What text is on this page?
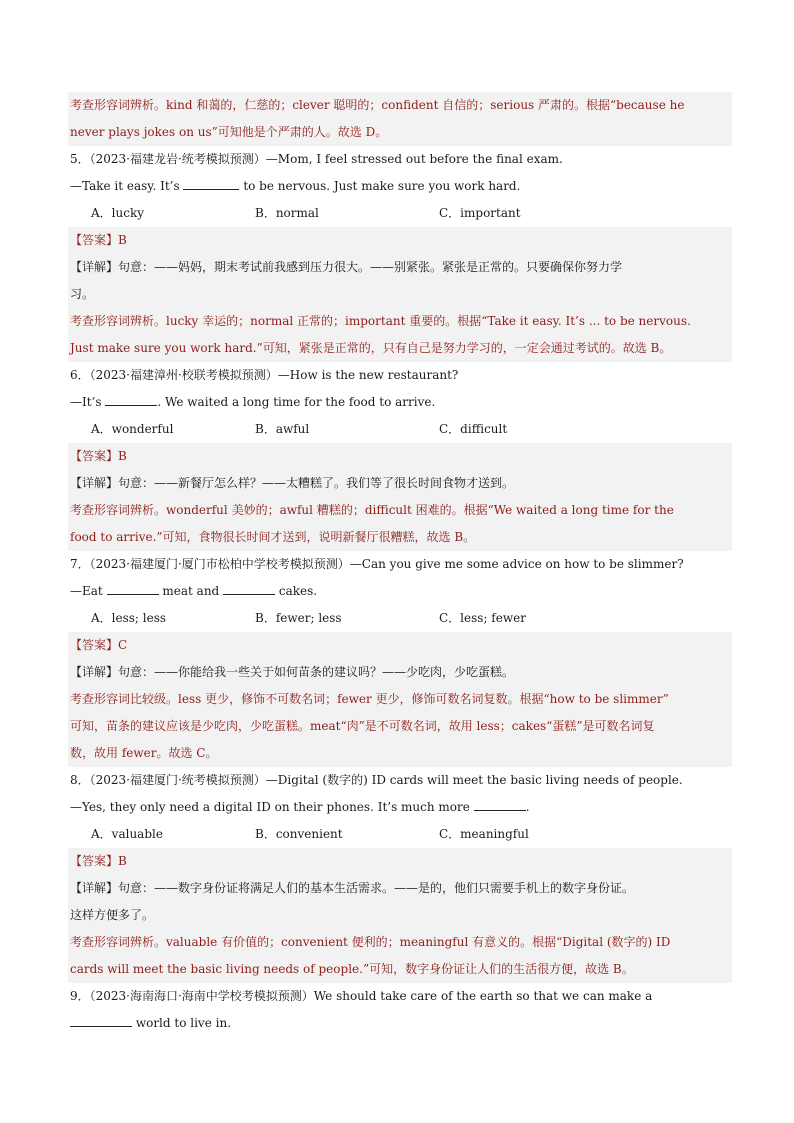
考查形容词辨析。kind 和蔼的，仁慈的；clever 聪明的；confident 自信的；serious 严肃的。根据“because he
never plays jokes on us”可知他是个严肃的人。故选 D。
5．（2023·福建龙岩·统考模拟预测）—Mom, I feel stressed out before the final exam.
—Take it easy. It’s	to be nervous. Just make sure you work hard.
A．lucky	B．normal	C．important
【答案】B
【详解】句意：——妈妈，期末考试前我感到压力很大。——别紧张。紧张是正常的。只要确保你努力学
习。
考查形容词辨析。lucky 幸运的；normal 正常的；important 重要的。根据“Take it easy. It’s ... to be nervous.
Just make sure you work hard.”可知，紧张是正常的，只有自己是努力学习的，一定会通过考试的。故选 B。
6．（2023·福建漳州·校联考模拟预测）—How is the new restaurant?
—It’s	. We waited a long time for the food to arrive.
A．wonderful	B．awful	C．difficult
【答案】B
【详解】句意：——新餐厅怎么样？——太糟糕了。我们等了很长时间食物才送到。
考查形容词辨析。wonderful 美妙的；awful 糟糕的；difficult 困难的。根据“We waited a long time for the
food to arrive.”可知，食物很长时间才送到，说明新餐厅很糟糕，故选 B。
7．（2023·福建厦门·厦门市松柏中学校考模拟预测）—Can you give me some advice on how to be slimmer?
—Eat	meat and	cakes.
A．less; less	B．fewer; less	C．less; fewer
【答案】C
【详解】句意：——你能给我一些关于如何苗条的建议吗？——少吃肉，少吃蛋糕。
考查形容词比较级。less 更少，修饰不可数名词；fewer 更少，修饰可数名词复数。根据“how to be slimmer”
可知，苗条的建议应该是少吃肉，少吃蛋糕。meat“肉”是不可数名词，故用 less；cakes“蛋糕”是可数名词复
数，故用 fewer。故选 C。
8．（2023·福建厦门·统考模拟预测）—Digital (数字的) ID cards will meet the basic living needs of people.
—Yes, they only need a digital ID on their phones. It’s much more	.
A．valuable	B．convenient	C．meaningful
【答案】B
【详解】句意：——数字身份证将满足人们的基本生活需求。——是的，他们只需要手机上的数字身份证。
这样方便多了。
考查形容词辨析。valuable 有价值的；convenient 便利的；meaningful 有意义的。根据“Digital (数字的) ID
cards will meet the basic living needs of people.”可知，数字身份证让人们的生活很方便，故选 B。
9．（2023·海南海口·海南中学校考模拟预测）We should take care of the earth so that we can make a
world to live in.
